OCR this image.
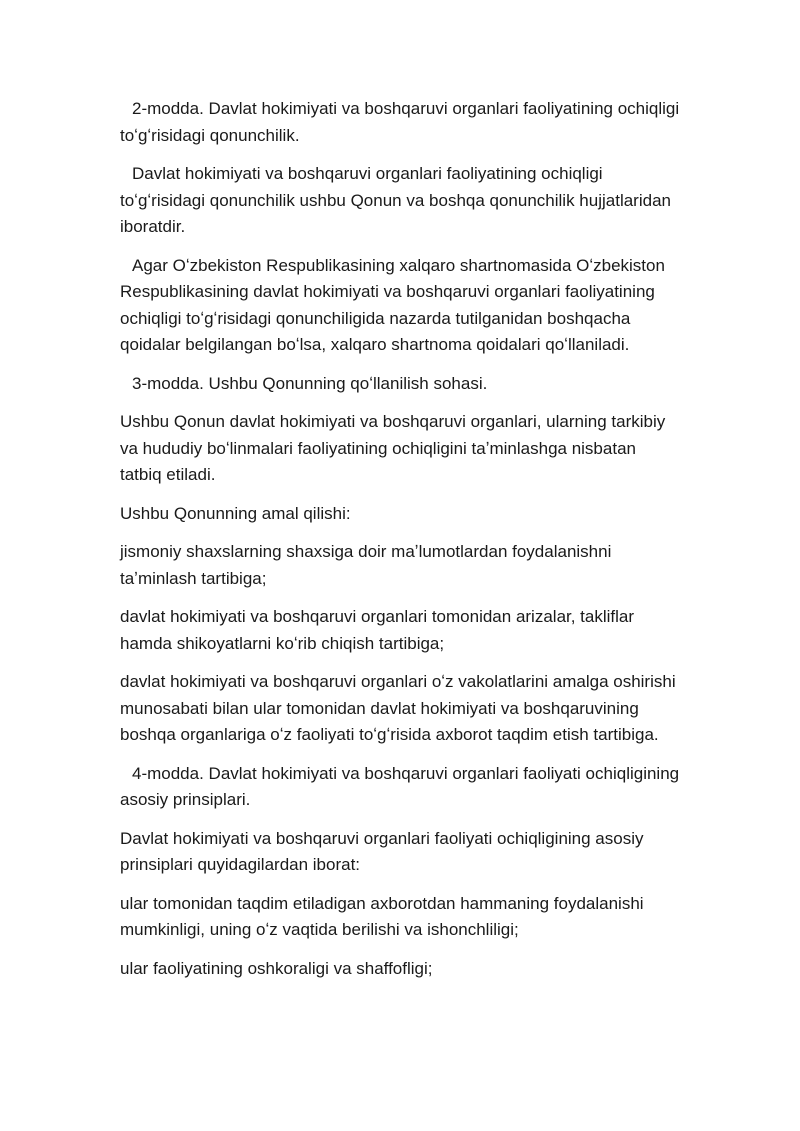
2-modda. Davlat hokimiyati va boshqaruvi organlari faoliyatining ochiqligi toʻgʻrisidagi qonunchilik.

Davlat hokimiyati va boshqaruvi organlari faoliyatining ochiqligi toʻgʻrisidagi qonunchilik ushbu Qonun va boshqa qonunchilik hujjatlaridan iboratdir.

Agar Oʻzbekiston Respublikasining xalqaro shartnomasida Oʻzbekiston Respublikasining davlat hokimiyati va boshqaruvi organlari faoliyatining ochiqligi toʻgʻrisidagi qonunchiligida nazarda tutilganidan boshqacha qoidalar belgilangan boʻlsa, xalqaro shartnoma qoidalari qoʻllaniladi.

3-modda. Ushbu Qonunning qoʻllanilish sohasi.

Ushbu Qonun davlat hokimiyati va boshqaruvi organlari, ularning tarkibiy va hududiy boʻlinmalari faoliyatining ochiqligini taʼminlashga nisbatan tatbiq etiladi.

Ushbu Qonunning amal qilishi:

jismoniy shaxslarning shaxsiga doir maʼlumotlardan foydalanishni taʼminlash tartibiga;

davlat hokimiyati va boshqaruvi organlari tomonidan arizalar, takliflar hamda shikoyatlarni koʻrib chiqish tartibiga;

davlat hokimiyati va boshqaruvi organlari oʻz vakolatlarini amalga oshirishi munosabati bilan ular tomonidan davlat hokimiyati va boshqaruvining boshqa organlariga oʻz faoliyati toʻgʻrisida axborot taqdim etish tartibiga.

4-modda. Davlat hokimiyati va boshqaruvi organlari faoliyati ochiqligining asosiy prinsiplari.

Davlat hokimiyati va boshqaruvi organlari faoliyati ochiqligining asosiy prinsiplari quyidagilardan iborat:

ular tomonidan taqdim etiladigan axborotdan hammaning foydalanishi mumkinligi, uning oʻz vaqtida berilishi va ishonchliligi;

ular faoliyatining oshkoraligi va shaffofligi;
